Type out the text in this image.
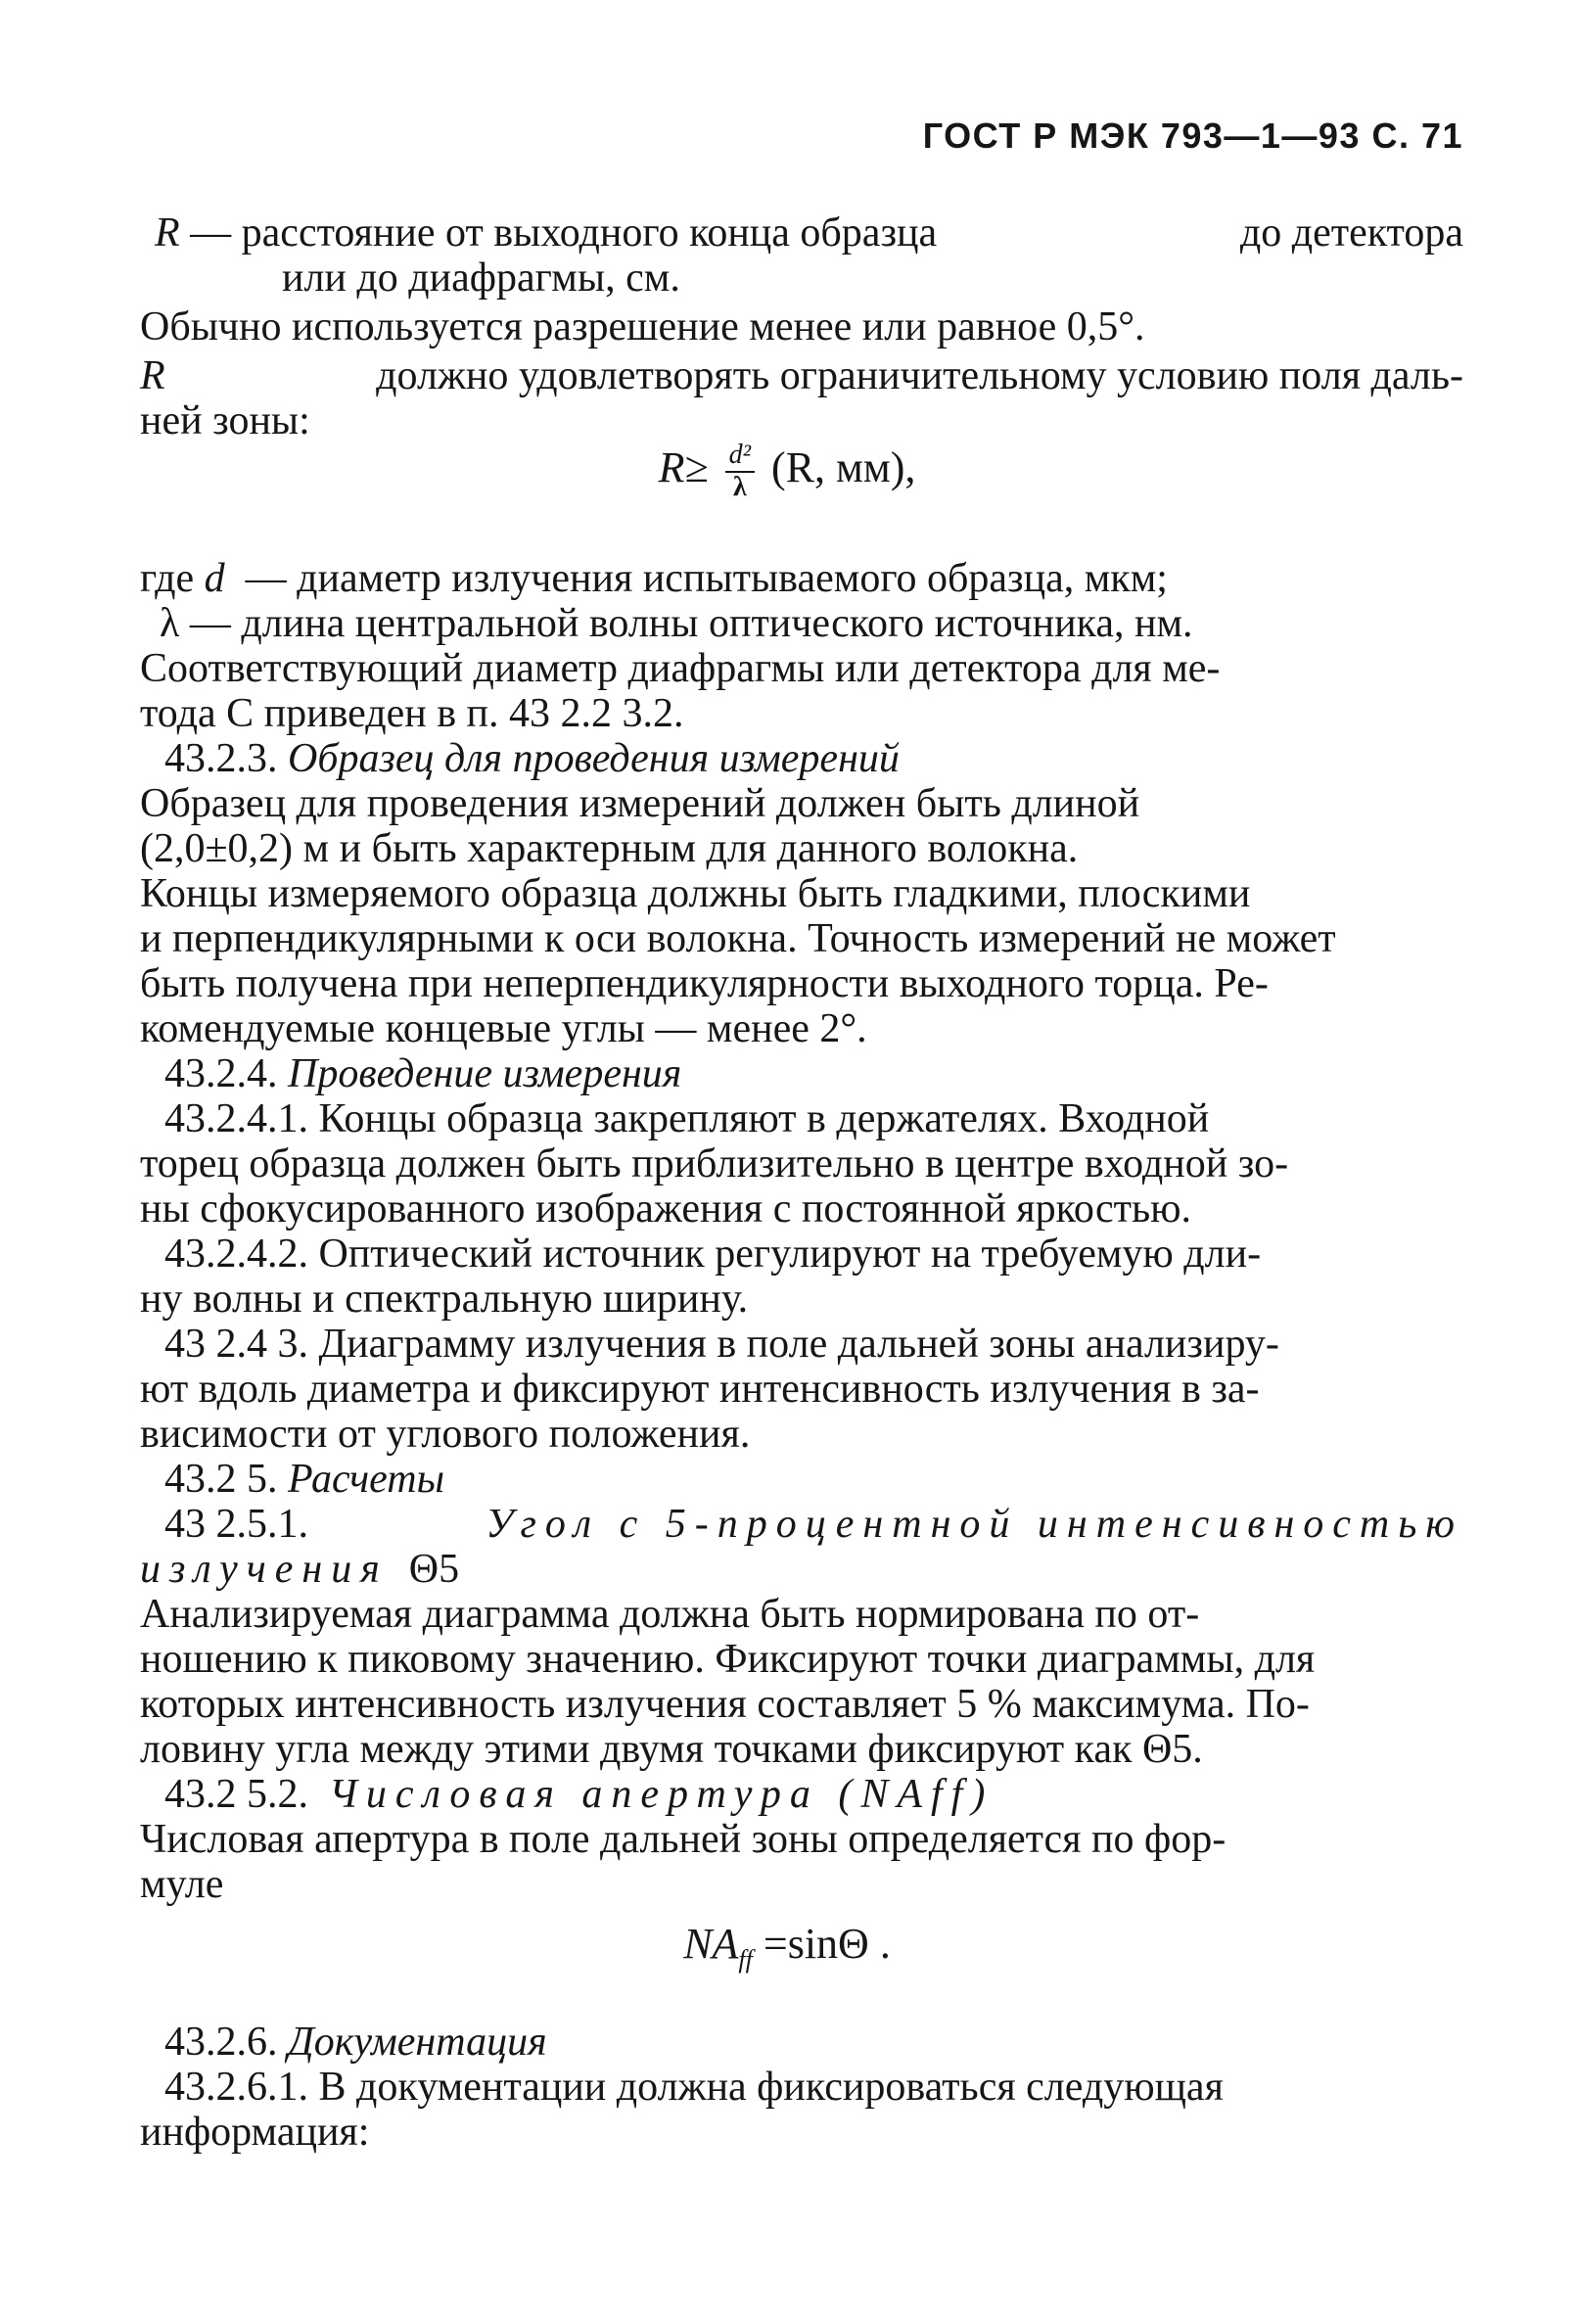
ГОСТ Р МЭК 793—1—93 С. 71
R — расстояние от выходного конца образца	до детектора
или до диафрагмы, см.
Обычно используется разрешение менее или равное 0,5°.
R	должно удовлетворять ограничительному условию поля даль-
ней зоны:
$R\ge \frac{\text{d²}}{\lambda} (R$, мм),
где
d
— диаметр излучения испытываемого образца, мкм;
λ — длина центральной волны оптического источника, нм.
Соответствующий диаметр диафрагмы или детектора для ме-
тода С приведен в п. 43 2.2 3.2.
43.2.3.
Образец для проведения измерений
Образец для проведения измерений должен быть длиной
(2,0±0,2) м и быть характерным для данного волокна.
Концы измеряемого образца должны быть гладкими, плоскими
и перпендикулярными к оси волокна. Точность измерений не может
быть получена при неперпендикулярности выходного торца. Ре-
комендуемые концевые углы — менее 2°.
43.2.4.
Проведение измерения
43.2.4.1. Концы образца закрепляют в держателях. Входной
торец образца должен быть приблизительно в центре входной зо-
ны сфокусированного изображения с постоянной яркостью.
43.2.4.2. Оптический источник регулируют на требуемую дли-
ну волны и спектральную ширину.
43 2.4 3. Диаграмму излучения в поле дальней зоны анализиру-
ют вдоль диаметра и фиксируют интенсивность излучения в за-
висимости от углового положения.
43.2 5.
Расчеты
43 2.5.1.	Угол с 5-процентной интенсивностью
излучения
Θ5
Анализируемая диаграмма должна быть нормирована по от-
ношению к пиковому значению. Фиксируют точки диаграммы, для
которых интенсивность излучения составляет 5 % максимума. По-
ловину угла между этими двумя точками фиксируют как Θ5.
43.2 5.2.
Числовая апертура (NAff)
Числовая апертура в поле дальней зоны определяется по фор-
муле
$NA_{ff} =\sin\Theta$ .
43.2.6.
Документация
43.2.6.1. В документации должна фиксироваться следующая
информация:
